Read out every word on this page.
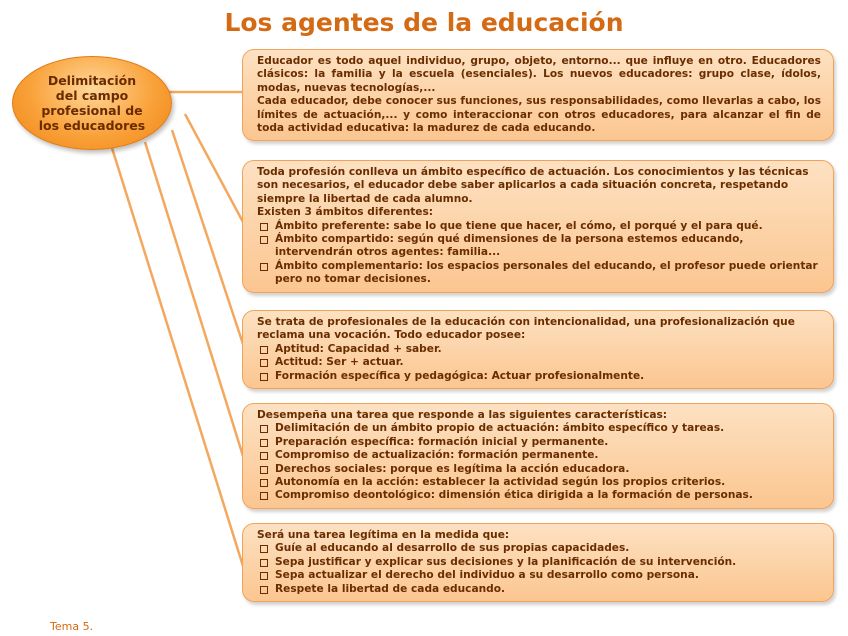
Los agentes de la educación
Delimitación del campo profesional de los educadores

Educador es todo aquel individuo, grupo, objeto, entorno... que influye en otro. Educadores clásicos: la familia y la escuela (esenciales). Los nuevos educadores: grupo clase, ídolos, modas, nuevas tecnologías,...

Cada educador, debe conocer sus funciones, sus responsabilidades, como llevarlas a cabo, los límites de actuación,... y como interaccionar con otros educadores, para alcanzar el fin de toda actividad educativa: la madurez de cada educando.

Toda profesión conlleva un ámbito específico de actuación. Los conocimientos y las técnicas son necesarios, el educador debe saber aplicarlos a cada situación concreta, respetando siempre la libertad de cada alumno.

Existen 3 ámbitos diferentes:

Ámbito preferente: sabe lo que tiene que hacer, el cómo, el porqué y el para qué.
Ámbito compartido: según qué dimensiones de la persona estemos educando, intervendrán otros agentes: familia...
Ámbito complementario: los espacios personales del educando, el profesor puede orientar pero no tomar decisiones.

Se trata de profesionales de la educación con intencionalidad, una profesionalización que reclama una vocación. Todo educador posee:

Aptitud: Capacidad + saber.
Actitud: Ser + actuar.
Formación específica y pedagógica: Actuar profesionalmente.

Desempeña una tarea que responde a las siguientes características:

Delimitación de un ámbito propio de actuación: ámbito específico y tareas.
Preparación específica: formación inicial y permanente.
Compromiso de actualización: formación permanente.
Derechos sociales: porque es legítima la acción educadora.
Autonomía en la acción: establecer la actividad según los propios criterios.
Compromiso deontológico: dimensión ética dirigida a la formación de personas.

Será una tarea legítima en la medida que:

Guíe al educando al desarrollo de sus propias capacidades.
Sepa justificar y explicar sus decisiones y la planificación de su intervención.
Sepa actualizar el derecho del individuo a su desarrollo como persona.
Respete la libertad de cada educando.
Tema 5.
